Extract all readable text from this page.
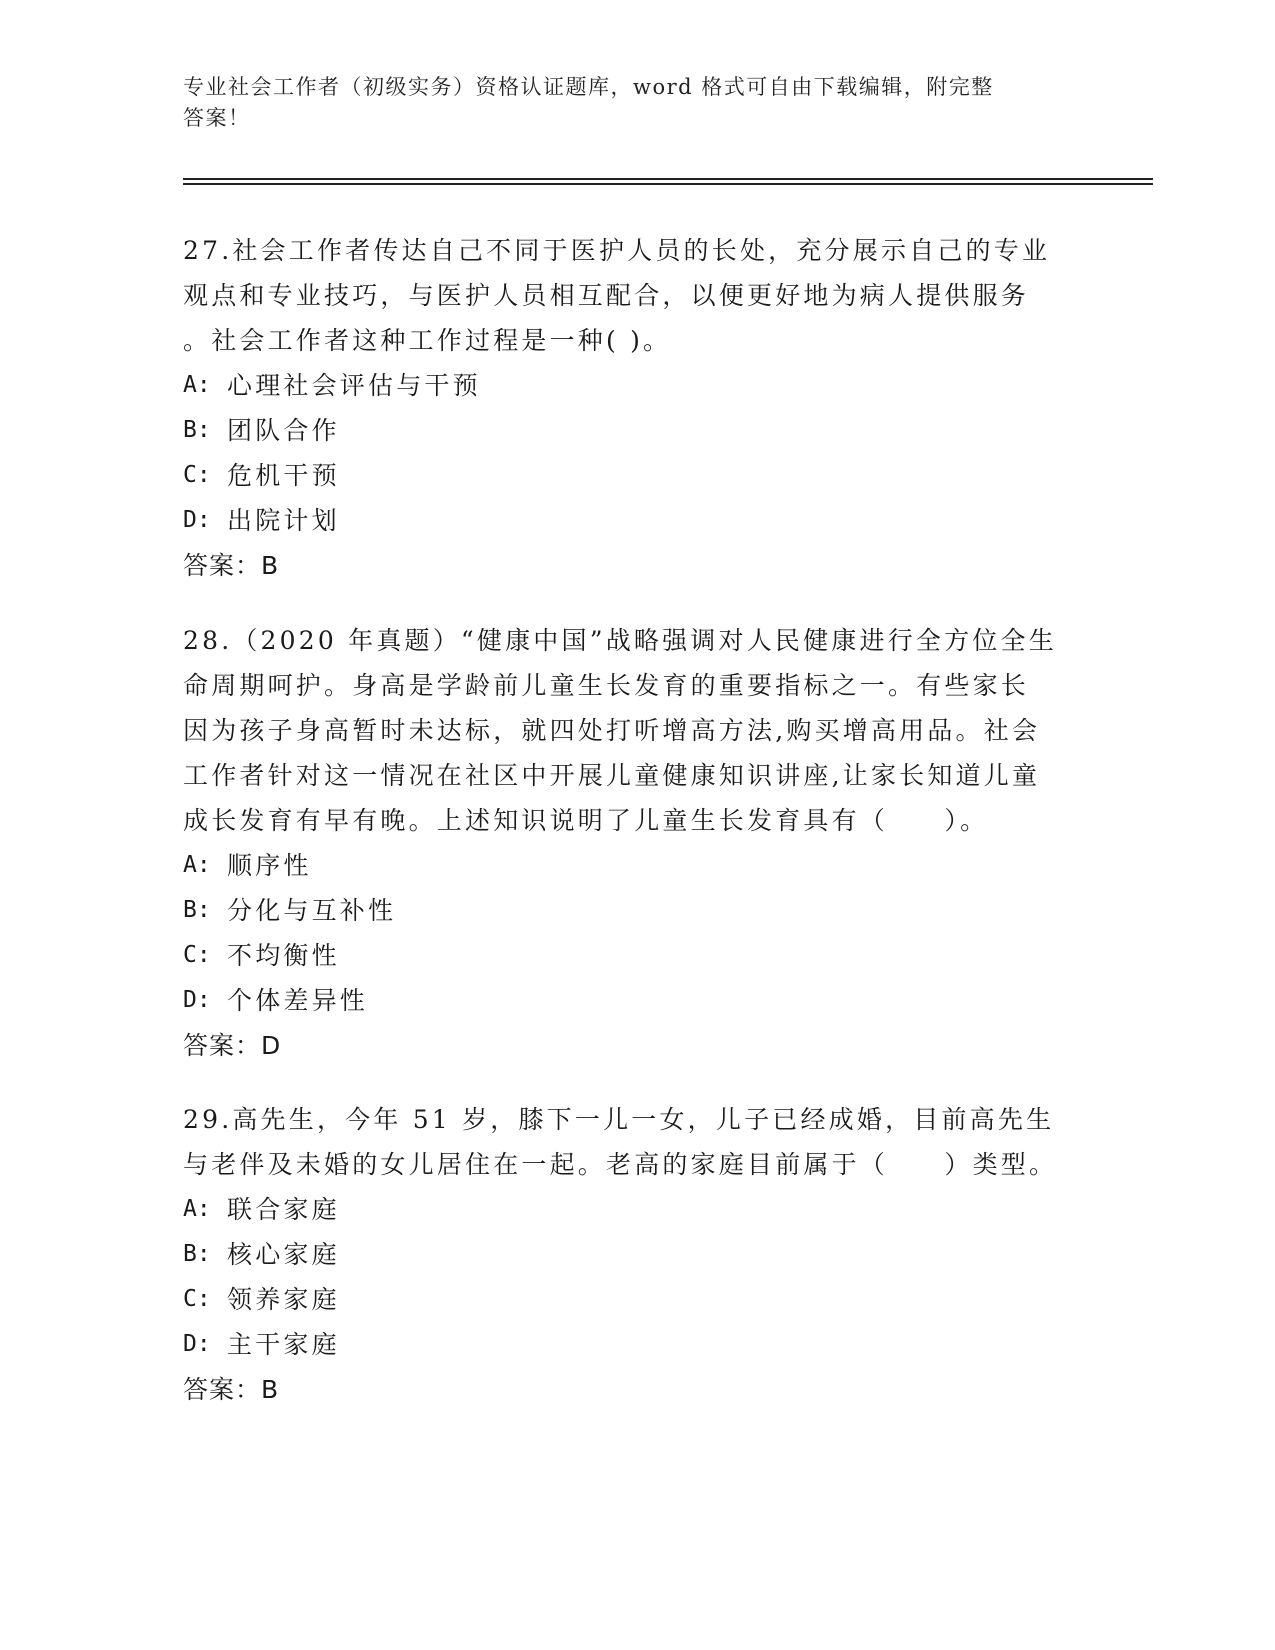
专业社会工作者（初级实务）资格认证题库，word 格式可自由下载编辑，附完整
答案！
27.社会工作者传达自己不同于医护人员的长处，充分展示自己的专业
观点和专业技巧，与医护人员相互配合，以便更好地为病人提供服务
。社会工作者这种工作过程是一种( )。
A: 心理社会评估与干预
B: 团队合作
C: 危机干预
D: 出院计划
答案：B
28.（2020 年真题）“健康中国”战略强调对人民健康进行全方位全生
命周期呵护。身高是学龄前儿童生长发育的重要指标之一。有些家长
因为孩子身高暂时未达标，就四处打听增高方法,购买增高用品。社会
工作者针对这一情况在社区中开展儿童健康知识讲座,让家长知道儿童
成长发育有早有晚。上述知识说明了儿童生长发育具有（　　）。
A: 顺序性
B: 分化与互补性
C: 不均衡性
D: 个体差异性
答案：D
29.高先生，今年 51 岁，膝下一儿一女，儿子已经成婚，目前高先生
与老伴及未婚的女儿居住在一起。老高的家庭目前属于（　　）类型。
A: 联合家庭
B: 核心家庭
C: 领养家庭
D: 主干家庭
答案：B
